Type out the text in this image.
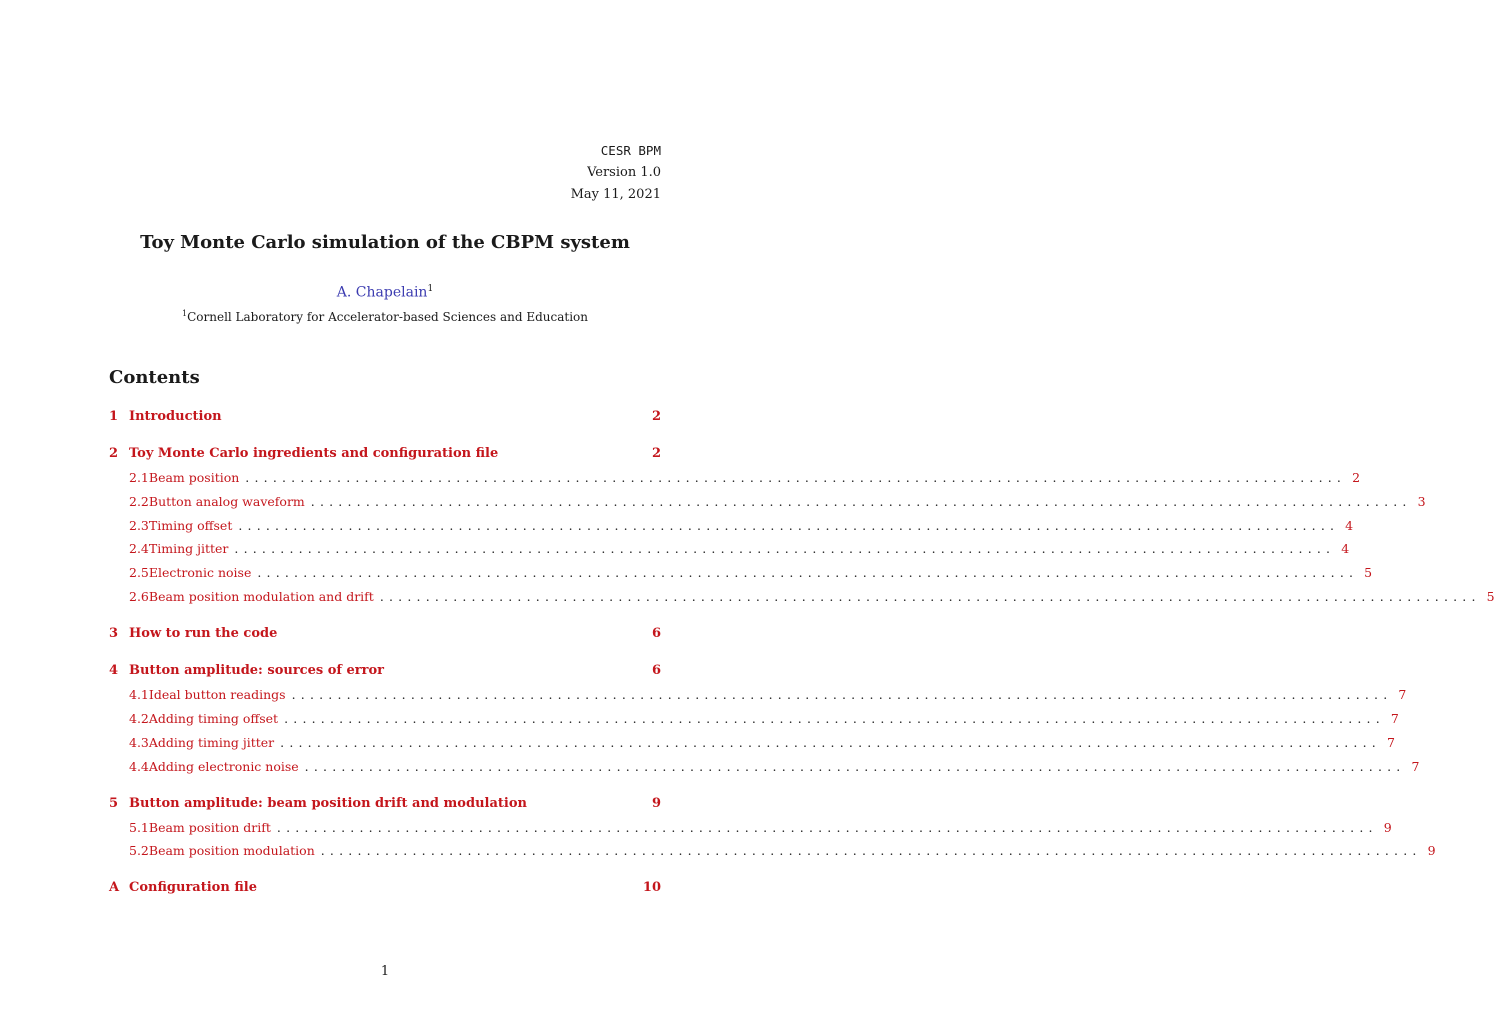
CESR BPM
Version 1.0
May 11, 2021
Toy Monte Carlo simulation of the CBPM system
A. Chapelain$^1$
$^1$Cornell Laboratory for Accelerator-based Sciences and Education
Contents
1 Introduction	2
2 Toy Monte Carlo ingredients and configuration file	2
2.1 Beam position ........................................................................................................................ 2
2.2 Button analog waveform ........................................................................................................................ 3
2.3 Timing offset ........................................................................................................................ 4
2.4 Timing jitter ........................................................................................................................ 4
2.5 Electronic noise ........................................................................................................................ 5
2.6 Beam position modulation and drift ........................................................................................................................ 5
3 How to run the code	6
4 Button amplitude: sources of error	6
4.1 Ideal button readings ........................................................................................................................ 7
4.2 Adding timing offset ........................................................................................................................ 7
4.3 Adding timing jitter ........................................................................................................................ 7
4.4 Adding electronic noise ........................................................................................................................ 7
5 Button amplitude: beam position drift and modulation	9
5.1 Beam position drift ........................................................................................................................ 9
5.2 Beam position modulation ........................................................................................................................ 9
A Configuration file	10
1
